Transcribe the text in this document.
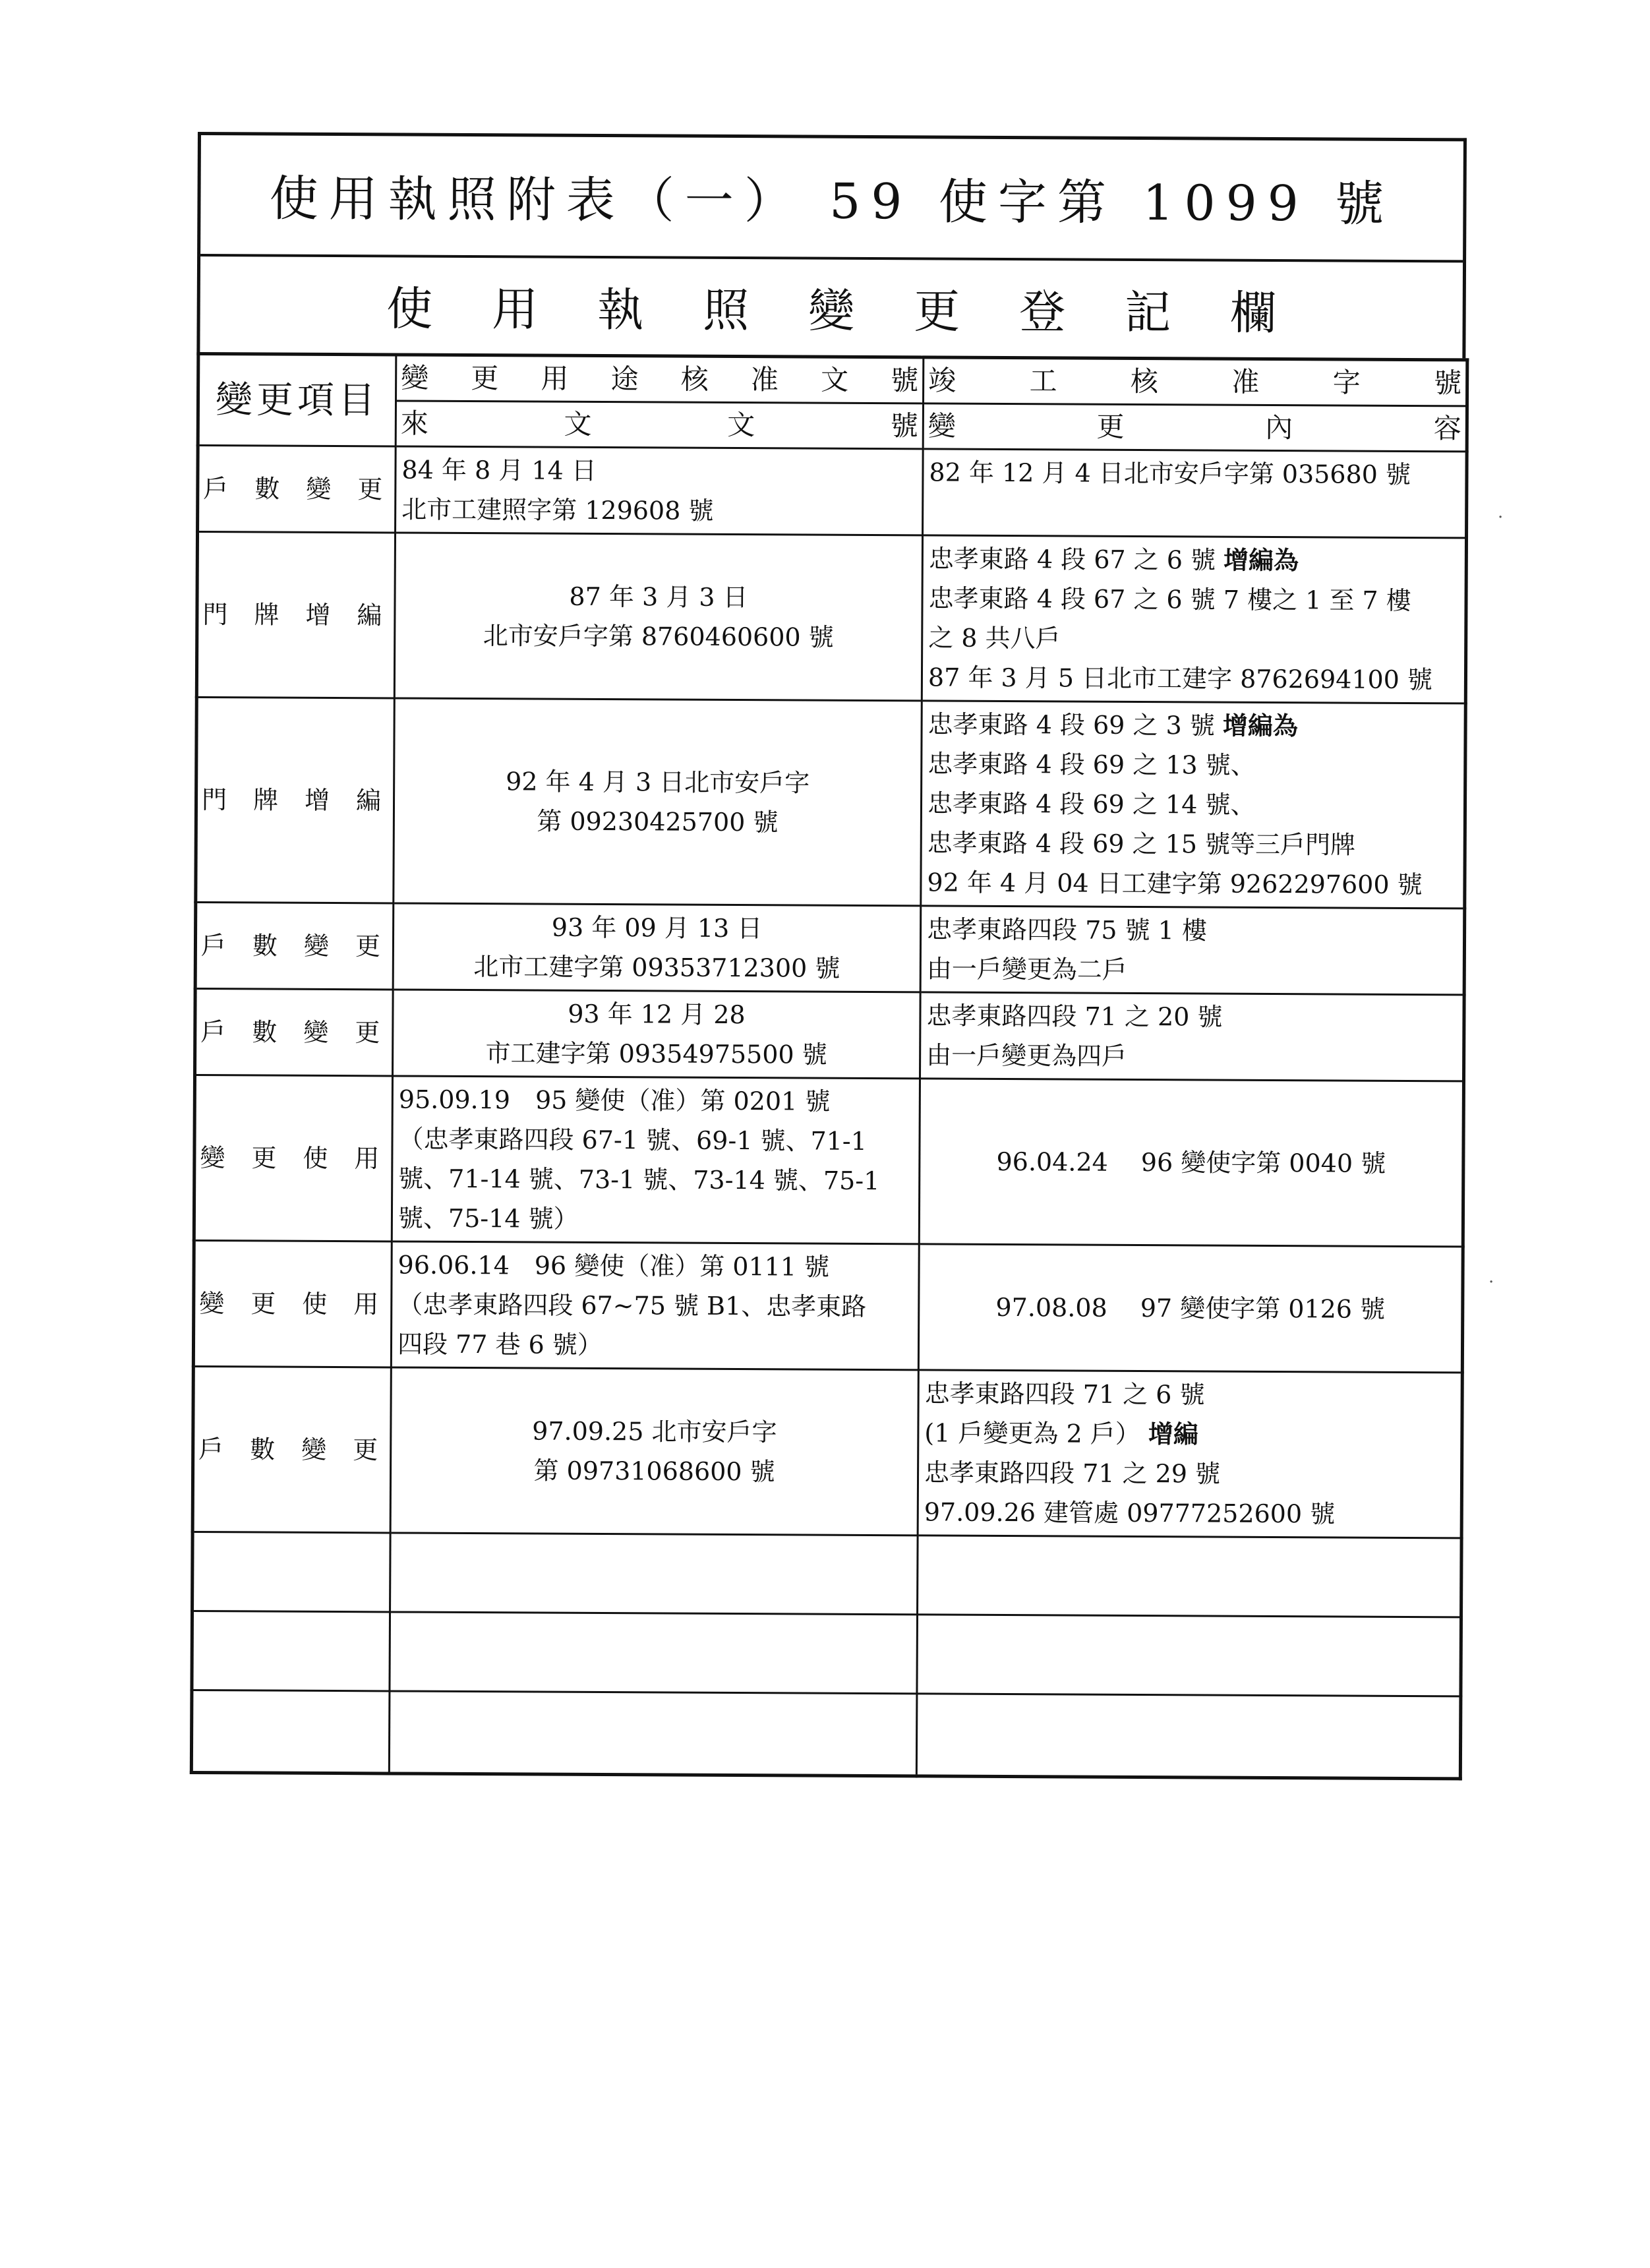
使用執照附表（一） 59 使字第 1099 號
使用執照變更登記欄
變更項目	變更用途核准文號	竣工核准字號
	來文文號	變更內容
戶數變更	84 年 8 月 14 日
北市工建照字第 129608 號	82 年 12 月 4 日北市安戶字第 035680 號

門牌增編	87 年 3 月 3 日
北市安戶字第 8760460600 號	忠孝東路 4 段 67 之 6 號 增編為
忠孝東路 4 段 67 之 6 號 7 樓之 1 至 7 樓
之 8 共八戶
87 年 3 月 5 日北市工建字 8762694100 號

門牌增編	92 年 4 月 3 日北市安戶字
第 09230425700 號	忠孝東路 4 段 69 之 3 號 增編為
忠孝東路 4 段 69 之 13 號、
忠孝東路 4 段 69 之 14 號、
忠孝東路 4 段 69 之 15 號等三戶門牌
92 年 4 月 04 日工建字第 9262297600 號

戶數變更	93 年 09 月 13 日
北市工建字第 09353712300 號	忠孝東路四段 75 號 1 樓
由一戶變更為二戶

戶數變更	93 年 12 月 28
市工建字第 09354975500 號	忠孝東路四段 71 之 20 號
由一戶變更為四戶

變更使用	95.09.19　95 變使（准）第 0201 號
（忠孝東路四段 67-1 號、69-1 號、71-1
號、71-14 號、73-1 號、73-14 號、75-1
號、75-14 號）	96.04.24　 96 變使字第 0040 號

變更使用	96.06.14　96 變使（准）第 0111 號
（忠孝東路四段 67~75 號 B1、忠孝東路
四段 77 巷 6 號）	97.08.08　 97 變使字第 0126 號

戶數變更	97.09.25 北市安戶字
第 09731068600 號	忠孝東路四段 71 之 6 號
(1 戶變更為 2 戶） 增編
忠孝東路四段 71 之 29 號
97.09.26 建管處 09777252600 號

·
·
